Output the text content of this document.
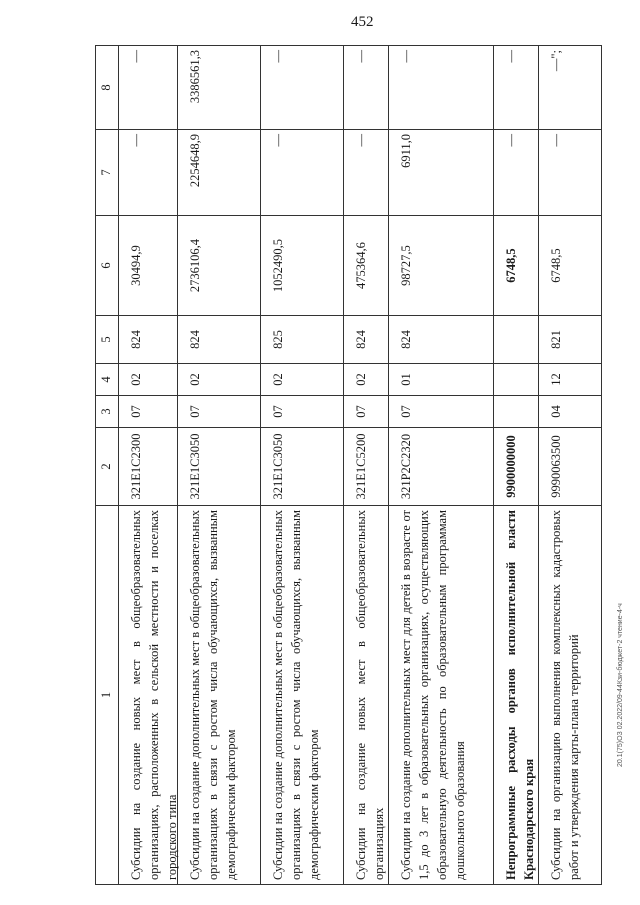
452
1
2
3
4
5
6
7
8
Субсидии на создание новых мест в общеобразовательных организациях, расположенных в сельской местности и поселках городского типа
321Е1С2300
07
02
824
30494,9
—
—
Субсидии на создание дополнительных мест в общеобразовательных организациях в связи с ростом числа обучающихся, вызванным демографическим фактором
321Е1С3050
07
02
824
2736106,4
2254648,9
3386561,3
Субсидии на создание дополнительных мест в общеобразовательных организациях в связи с ростом числа обучающихся, вызванным демографическим фактором
321Е1С3050
07
02
825
1052490,5
—
—
Субсидии на создание новых мест в общеобразовательных организациях
321Е1С5200
07
02
824
475364,6
—
—
Субсидии на создание дополнительных мест для детей в возрасте от 1,5 до 3 лет в образовательных организациях, осуществляющих образовательную деятельность по образовательным программам дошкольного образования
321Р2С2320
07
01
824
98727,5
6911,0
—
Непрограммные расходы органов исполнительной власти Краснодарского края
9900000000
6748,5
—
—
Субсидии на организацию выполнения комплексных кадастровых работ и утверждения карты-плана территорий
9990063500
04
12
821
6748,5
—
—";
20.1(75)ОЗ 02.2022/09-44Кзи-бюджет-2 чтение-4-ч
